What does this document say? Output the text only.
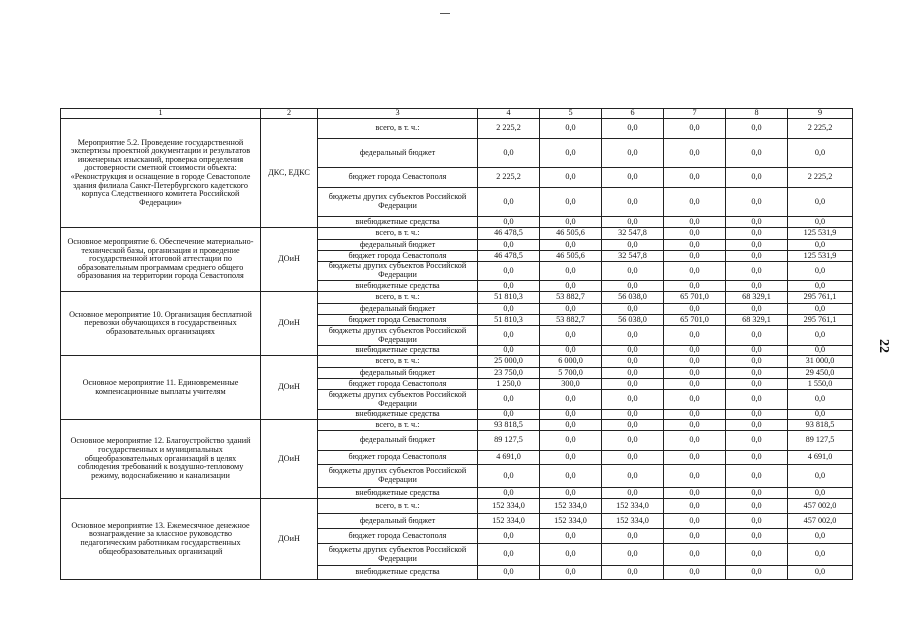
22
1	2	3	4	5	6	7	8	9
Мероприятие 5.2. Проведение государственной экспертизы проектной документации и результатов инженерных изысканий, проверка определения достоверности сметной стоимости объекта: «Реконструкция и оснащение в городе Севастополе здания филиала Санкт-Петербургского кадетского корпуса Следственного комитета Российской Федерации»	ДКС, ЕДКС	всего, в т. ч.:	2 225,2	0,0	0,0	0,0	0,0	2 225,2
		федеральный бюджет	0,0	0,0	0,0	0,0	0,0	0,0
		бюджет города Севастополя	2 225,2	0,0	0,0	0,0	0,0	2 225,2
		бюджеты других субъектов Российской Федерации	0,0	0,0	0,0	0,0	0,0	0,0
		внебюджетные средства	0,0	0,0	0,0	0,0	0,0	0,0
Основное мероприятие 6. Обеспечение материально-технической базы, организация и проведение государственной итоговой аттестации по образовательным программам среднего общего образования на территории города Севастополя	ДОиН	всего, в т. ч.:	46 478,5	46 505,6	32 547,8	0,0	0,0	125 531,9
		федеральный бюджет	0,0	0,0	0,0	0,0	0,0	0,0
		бюджет города Севастополя	46 478,5	46 505,6	32 547,8	0,0	0,0	125 531,9
		бюджеты других субъектов Российской Федерации	0,0	0,0	0,0	0,0	0,0	0,0
		внебюджетные средства	0,0	0,0	0,0	0,0	0,0	0,0
Основное мероприятие 10. Организация бесплатной перевозки обучающихся в государственных образовательных организациях	ДОиН	всего, в т. ч.:	51 810,3	53 882,7	56 038,0	65 701,0	68 329,1	295 761,1
		федеральный бюджет	0,0	0,0	0,0	0,0	0,0	0,0
		бюджет города Севастополя	51 810,3	53 882,7	56 038,0	65 701,0	68 329,1	295 761,1
		бюджеты других субъектов Российской Федерации	0,0	0,0	0,0	0,0	0,0	0,0
		внебюджетные средства	0,0	0,0	0,0	0,0	0,0	0,0
Основное мероприятие 11. Единовременные компенсационные выплаты учителям	ДОиН	всего, в т. ч.:	25 000,0	6 000,0	0,0	0,0	0,0	31 000,0
		федеральный бюджет	23 750,0	5 700,0	0,0	0,0	0,0	29 450,0
		бюджет города Севастополя	1 250,0	300,0	0,0	0,0	0,0	1 550,0
		бюджеты других субъектов Российской Федерации	0,0	0,0	0,0	0,0	0,0	0,0
		внебюджетные средства	0,0	0,0	0,0	0,0	0,0	0,0
Основное мероприятие 12. Благоустройство зданий государственных и муниципальных общеобразовательных организаций в целях соблюдения требований к воздушно-тепловому режиму, водоснабжению и канализации	ДОиН	всего, в т. ч.:	93 818,5	0,0	0,0	0,0	0,0	93 818,5
		федеральный бюджет	89 127,5	0,0	0,0	0,0	0,0	89 127,5
		бюджет города Севастополя	4 691,0	0,0	0,0	0,0	0,0	4 691,0
		бюджеты других субъектов Российской Федерации	0,0	0,0	0,0	0,0	0,0	0,0
		внебюджетные средства	0,0	0,0	0,0	0,0	0,0	0,0
Основное мероприятие 13. Ежемесячное денежное вознаграждение за классное руководство педагогическим работникам государственных общеобразовательных организаций	ДОиН	всего, в т. ч.:	152 334,0	152 334,0	152 334,0	0,0	0,0	457 002,0
		федеральный бюджет	152 334,0	152 334,0	152 334,0	0,0	0,0	457 002,0
		бюджет города Севастополя	0,0	0,0	0,0	0,0	0,0	0,0
		бюджеты других субъектов Российской Федерации	0,0	0,0	0,0	0,0	0,0	0,0
		внебюджетные средства	0,0	0,0	0,0	0,0	0,0	0,0
